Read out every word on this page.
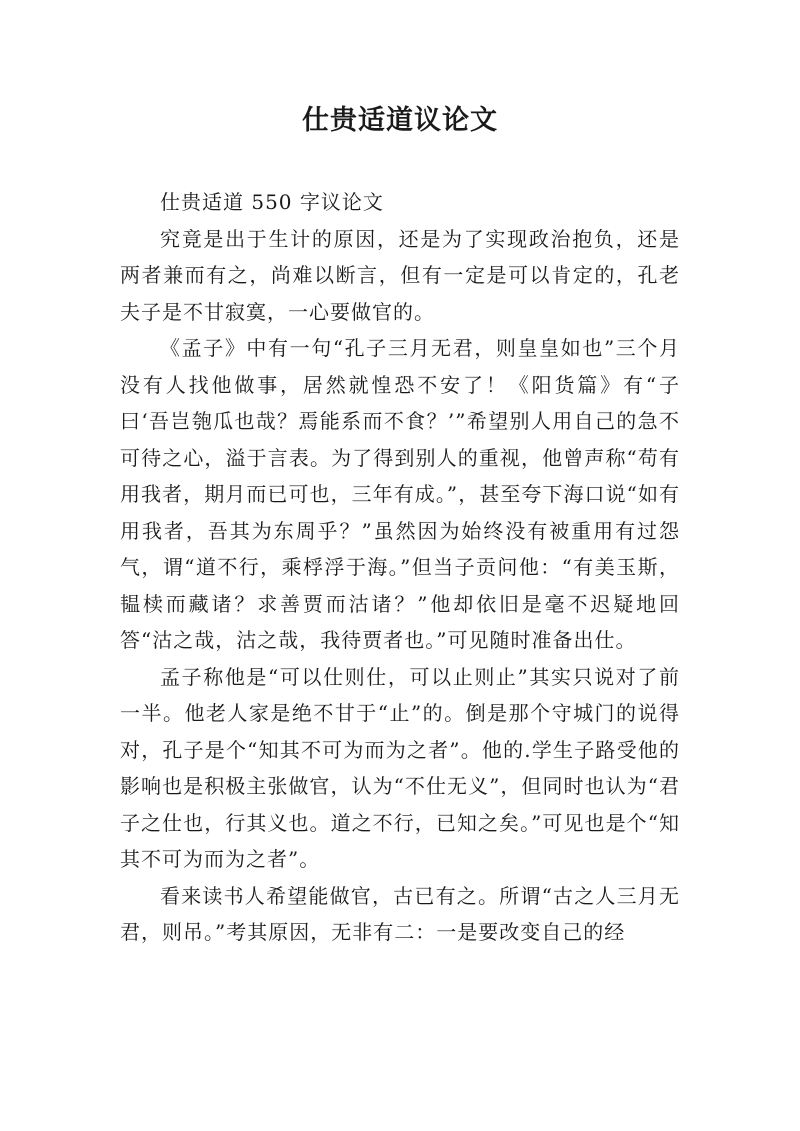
仕贵适道议论文

仕贵适道 550 字议论文

究竟是出于生计的原因，还是为了实现政治抱负，还是两者兼而有之，尚难以断言，但有一定是可以肯定的，孔老夫子是不甘寂寞，一心要做官的。

《孟子》中有一句“孔子三月无君，则皇皇如也”三个月没有人找他做事，居然就惶恐不安了！《阳货篇》有“子曰‘吾岂匏瓜也哉？焉能系而不食？’”希望别人用自己的急不可待之心，溢于言表。为了得到别人的重视，他曾声称“苟有用我者，期月而已可也，三年有成。”，甚至夸下海口说“如有用我者，吾其为东周乎？”虽然因为始终没有被重用有过怨气，谓“道不行，乘桴浮于海。”但当子贡问他：“有美玉斯，韫椟而藏诸？求善贾而沽诸？”他却依旧是毫不迟疑地回答“沽之哉，沽之哉，我待贾者也。”可见随时准备出仕。

孟子称他是“可以仕则仕，可以止则止”其实只说对了前一半。他老人家是绝不甘于“止”的。倒是那个守城门的说得对，孔子是个“知其不可为而为之者”。他的.学生子路受他的影响也是积极主张做官，认为“不仕无义”，但同时也认为“君子之仕也，行其义也。道之不行，已知之矣。”可见也是个“知其不可为而为之者”。

看来读书人希望能做官，古已有之。所谓“古之人三月无君，则吊。”考其原因，无非有二：一是要改变自己的经
